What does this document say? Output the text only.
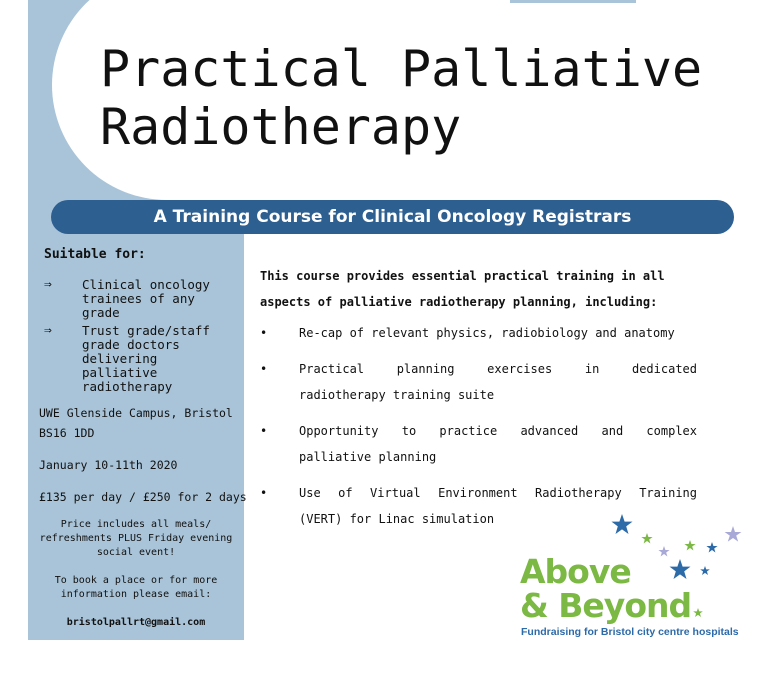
Practical Palliative
Radiotherapy
A Training Course for Clinical Oncology Registrars
Suitable for:
⇒	Clinical oncology trainees of any grade
⇒	Trust grade/staff grade doctors delivering palliative radiotherapy
UWE Glenside Campus, Bristol
BS16 1DD
January 10-11th 2020
£135 per day / £250 for 2 days
Price includes all meals/
refreshments PLUS Friday evening
social event!
To book a place or for more
information please email:
bristolpallrt@gmail.com
This course provides essential practical training in all
aspects of palliative radiotherapy planning, including:
•	Re-cap of relevant physics, radiobiology and anatomy
•	Practical planning exercises in dedicated
radiotherapy training suite
•	Opportunity to practice advanced and complex
palliative planning
•	Use of Virtual Environment Radiotherapy Training
(VERT) for Linac simulation
Above
& Beyond
Fundraising for Bristol city centre hospitals
